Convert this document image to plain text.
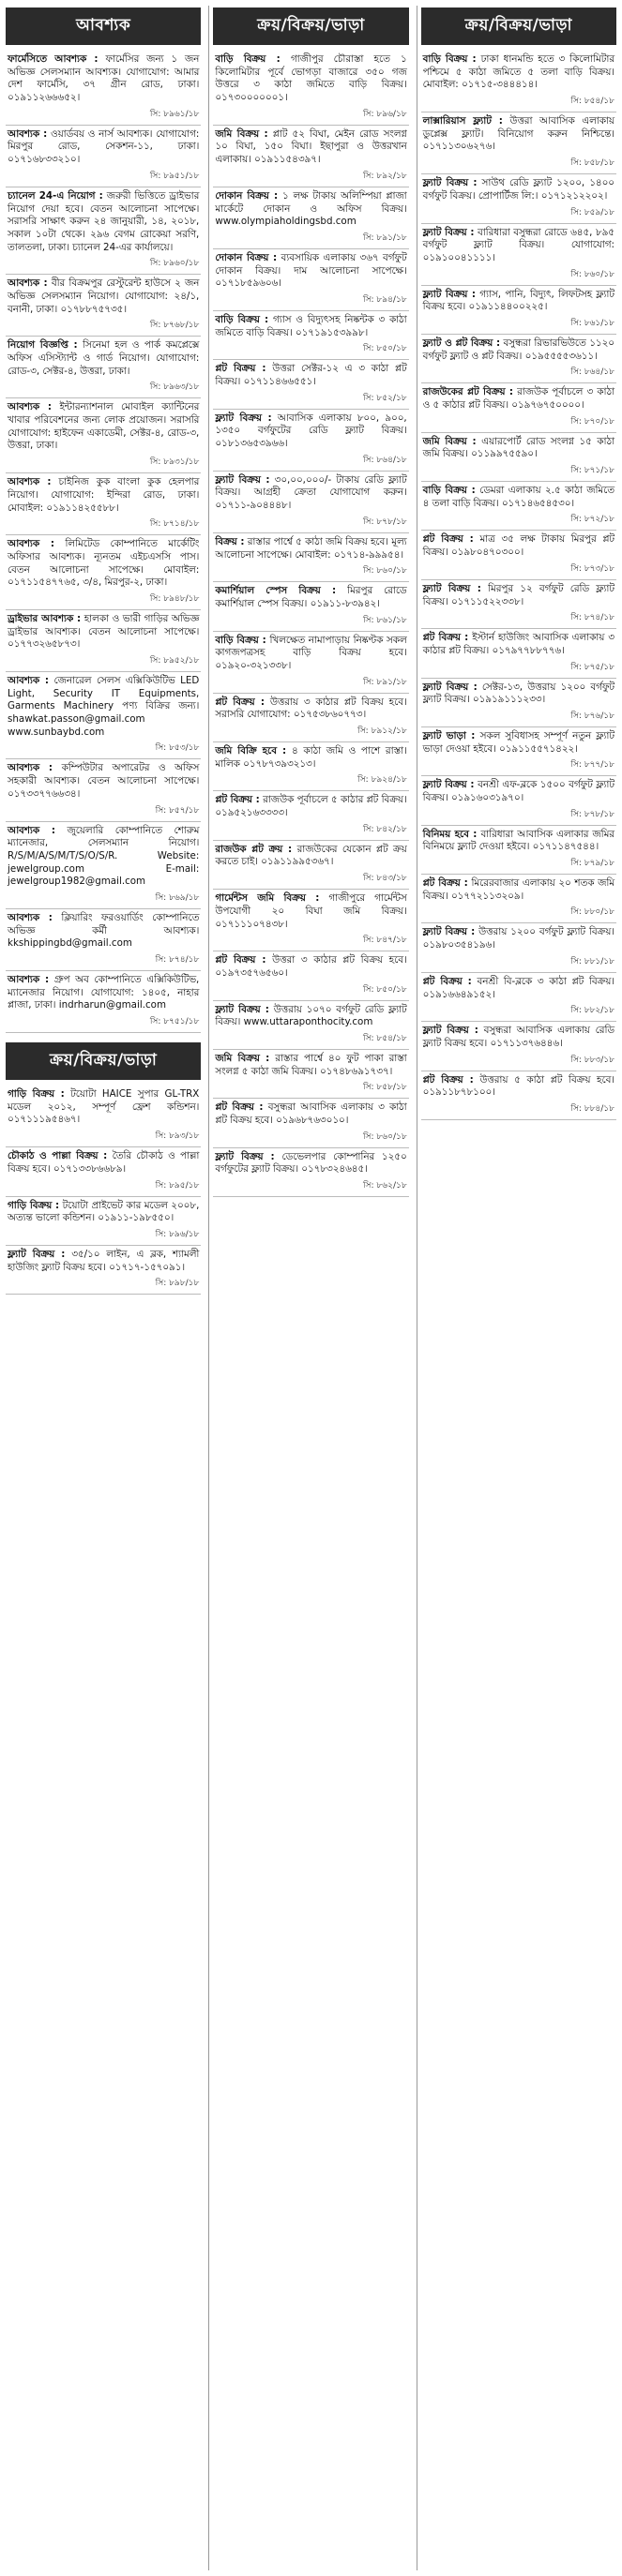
আবশ্যক
ফার্মেসিতে আবশ্যক : ফার্মেসির জন্য ১ জন অভিজ্ঞ সেলসম্যান আবশ্যক। যোগাযোগ: আমার দেশ ফার্মেসি, ৩৭ গ্রীন রোড, ঢাকা। ০১৯১১২৬৬৬৫২।
সি: ৮৯৬১/১৮
আবশ্যক : ওয়ার্ডবয় ও নার্স আবশ্যক। যোগাযোগ: মিরপুর রোড, সেকশন-১১, ঢাকা। ০১৭১৬৮৩৩২১০।
সি: ৮৯৫১/১৮
চ্যানেল 24-এ নিয়োগ : জরুরী ভিত্তিতে ড্রাইভার নিয়োগ দেয়া হবে। বেতন আলোচনা সাপেক্ষে। সরাসরি সাক্ষাৎ করুন ২৪ জানুয়ারী, ১৪, ২০১৮, সকাল ১০টা থেকে। ২৯৬ বেগম রোকেয়া সরণি, তালতলা, ঢাকা। চ্যানেল 24-এর কার্যালয়ে।
সি: ৮৯৬০/১৮
আবশ্যক : বীর বিক্রমপুর রেস্টুরেন্ট হাউসে ২ জন অভিজ্ঞ সেলসম্যান নিয়োগ। যোগাযোগ: ২৪/১, বনানী, ঢাকা। ০১৭৮৮৭৫৭৩৫।
সি: ৮৭৬৮/১৮
নিয়োগ বিজ্ঞপ্তি : সিনেমা হল ও পার্ক কমপ্লেক্সে অফিস এসিস্ট্যান্ট ও গার্ড নিয়োগ। যোগাযোগ: রোড-৩, সেক্টর-৪, উত্তরা, ঢাকা।
সি: ৮৯৬৩/১৮
আবশ্যক : ইন্টারন্যাশনাল মোবাইল ক্যান্টিনের খাবার পরিবেশনের জন্য লোক প্রয়োজন। সরাসরি যোগাযোগ: হাইফেন একাডেমী, সেক্টর-৪, রোড-৩, উত্তরা, ঢাকা।
সি: ৮৯৩১/১৮
আবশ্যক : চাইনিজ কুক বাংলা কুক হেলপার নিয়োগ। যোগাযোগ: ইন্দিরা রোড, ঢাকা। মোবাইল: ০১৯১১৪২৫৫৮৮।
সি: ৮৭১৪/১৮
আবশ্যক : লিমিটেড কোম্পানিতে মার্কেটিং অফিসার আবশ্যক। ন্যূনতম এইচএসসি পাস। বেতন আলোচনা সাপেক্ষে। মোবাইল: ০১৭১১৫৪৭৭৬৫, ৩/৪, মিরপুর-২, ঢাকা।
সি: ৮৯৪৮/১৮
ড্রাইভার আবশ্যক : হালকা ও ভারী গাড়ির অভিজ্ঞ ড্রাইভার আবশ্যক। বেতন আলোচনা সাপেক্ষে। ০১৭৭৩২৬৫৮৭৩।
সি: ৮৯৫২/১৮
আবশ্যক : জেনারেল সেলস এক্সিকিউটিভ LED Light, Security IT Equipments, Garments Machinery পণ্য বিক্রির জন্য। shawkat.passon@gmail.com www.sunbaybd.com
সি: ৮৫৩/১৮
আবশ্যক : কম্পিউটার অপারেটর ও অফিস সহকারী আবশ্যক। বেতন আলোচনা সাপেক্ষে। ০১৭৩৩৭৭৬৬৩৪।
সি: ৮৫৭/১৮
আবশ্যক : জুয়েলারি কোম্পানিতে শোরুম ম্যানেজার, সেলসম্যান নিয়োগ। R/S/M/A/S/M/T/S/O/S/R. Website: jewelgroup.com E-mail: jewelgroup1982@gmail.com
সি: ৮৬৯/১৮
আবশ্যক : ক্লিয়ারিং ফরওয়ার্ডিং কোম্পানিতে অভিজ্ঞ কর্মী আবশ্যক। kkshippingbd@gmail.com
সি: ৮৭৪/১৮
আবশ্যক : গ্রুপ অব কোম্পানিতে এক্সিকিউটিভ, ম্যানেজার নিয়োগ। যোগাযোগ: ১৪০৫, নাহার প্লাজা, ঢাকা। indrharun@gmail.com
সি: ৮৭৫১/১৮
ক্রয়/বিক্রয়/ভাড়া
গাড়ি বিক্রয় : টয়োটা HAICE সুপার GL-TRX মডেল ২০১২, সম্পূর্ণ ফ্রেশ কন্ডিশন। ০১৭১১১৯৫৪৬৭।
সি: ৮৯৩/১৮
চৌকাঠ ও পাল্লা বিক্রয় : তৈরি চৌকাঠ ও পাল্লা বিক্রয় হবে। ০১৭১৩৩৮৬৬৮৯।
সি: ৮৯৫/১৮
গাড়ি বিক্রয় : টয়োটা প্রাইভেট কার মডেল ২০০৮, অত্যন্ত ভালো কন্ডিশন। ০১৯১১-১৯৮৫৫০।
সি: ৮৯৬/১৮
ফ্ল্যাট বিক্রয় : ৩৫/১০ লাইন, এ ব্লক, শ্যামলী হাউজিং ফ্ল্যাট বিক্রয় হবে। ০১৭১৭-১৫৭০৯১।
সি: ৮৯৮/১৮
ক্রয়/বিক্রয়/ভাড়া
বাড়ি বিক্রয় : গাজীপুর চৌরাস্তা হতে ১ কিলোমিটার পূর্বে ভোগড়া বাজারে ৩৫০ গজ উত্তরে ৩ কাঠা জমিতে বাড়ি বিক্রয়। ০১৭৩০০০০০০১।
সি: ৮৯৬/১৮
জমি বিক্রয় : প্লাট ৫২ বিঘা, মেইন রোড সংলগ্ন ১০ বিঘা, ১৫০ বিঘা। ইছাপুরা ও উত্তরখান এলাকায়। ০১৯১১৫৪৩৯৭।
সি: ৮৯২/১৮
দোকান বিক্রয় : ১ লক্ষ টাকায় অলিম্পিয়া প্লাজা মার্কেটে দোকান ও অফিস বিক্রয়। www.olympiaholdingsbd.com
সি: ৮৯১/১৮
দোকান বিক্রয় : ব্যবসায়িক এলাকায় ৩৬৭ বর্গফুট দোকান বিক্রয়। দাম আলোচনা সাপেক্ষে। ০১৭১৮৫৯৬০৬।
সি: ৮৯৪/১৮
বাড়ি বিক্রয় : গ্যাস ও বিদ্যুৎসহ নিষ্কন্টক ৩ কাঠা জমিতে বাড়ি বিক্রয়। ০১৭১৯১৫৩৯৯৮।
সি: ৮৫০/১৮
প্লট বিক্রয় : উত্তরা সেক্টর-১২ এ ৩ কাঠা প্লট বিক্রয়। ০১৭১১৪৬৬৫৫১।
সি: ৮৫২/১৮
ফ্ল্যাট বিক্রয় : আবাসিক এলাকায় ৮০০, ৯০০, ১৩৫০ বর্গফুটের রেডি ফ্ল্যাট বিক্রয়। ০১৮১৩৬৫৩৯৬৬।
সি: ৮৬৪/১৮
ফ্ল্যাট বিক্রয় : ৩০,০০,০০০/- টাকায় রেডি ফ্ল্যাট বিক্রয়। আগ্রহী ক্রেতা যোগাযোগ করুন। ০১৭১১-৯০৪৪৪৮।
সি: ৮৭৮/১৮
বিক্রয় : রাস্তার পার্শ্বে ৫ কাঠা জমি বিক্রয় হবে। মূল্য আলোচনা সাপেক্ষে। মোবাইল: ০১৭১৪-৯৯৯৫৪।
সি: ৮৬০/১৮
কমার্শিয়াল স্পেস বিক্রয় : মিরপুর রোডে কমার্শিয়াল স্পেস বিক্রয়। ০১৯১১-৮৩৯৪২।
সি: ৮৬১/১৮
বাড়ি বিক্রয় : খিলক্ষেত নামাপাড়ায় নিষ্কণ্টক সকল কাগজপত্রসহ বাড়ি বিক্রয় হবে। ০১৯২০-৩২১৩৩৮।
সি: ৮৯১/১৮
প্লট বিক্রয় : উত্তরায় ৩ কাঠার প্লট বিক্রয় হবে। সরাসরি যোগাযোগ: ০১৭৫৩৮৬০৭৭৩।
সি: ৮৯১২/১৮
জমি বিক্রি হবে : ৪ কাঠা জমি ও পাশে রাস্তা। মালিক ০১৭৮৭৩৯৩২১৩।
সি: ৮৯২৪/১৮
প্লট বিক্রয় : রাজউক পূর্বাচলে ৫ কাঠার প্লট বিক্রয়। ০১৯৫২১৬৩৩৩৩।
সি: ৮৪২/১৮
রাজউক প্লট ক্রয় : রাজউকের যেকোন প্লট ক্রয় করতে চাই। ০১৯১১৯৯৫৩৬৭।
সি: ৮৪৩/১৮
গার্মেন্টস জমি বিক্রয় : গাজীপুরে গার্মেন্টস উপযোগী ২০ বিঘা জমি বিক্রয়। ০১৭১১১০৭৪৩৮।
সি: ৮৪৭/১৮
প্লট বিক্রয় : উত্তরা ৩ কাঠার প্লট বিক্রয় হবে। ০১৯৭৩৫৭৬৫৬০।
সি: ৮৫০/১৮
ফ্ল্যাট বিক্রয় : উত্তরায় ১০৭০ বর্গফুট রেডি ফ্ল্যাট বিক্রয়। www.uttaraponthocity.com
সি: ৮৫৪/১৮
জমি বিক্রয় : রাস্তার পার্শ্বে ৪০ ফুট পাকা রাস্তা সংলগ্ন ৫ কাঠা জমি বিক্রয়। ০১৭৪৮৬৯১৭৩৭।
সি: ৮৫৮/১৮
প্লট বিক্রয় : বসুন্ধরা আবাসিক এলাকায় ৩ কাঠা প্লট বিক্রয় হবে। ০১৯৬৮৭৬৩০১০।
সি: ৮৬০/১৮
ফ্ল্যাট বিক্রয় : ডেভেলপার কোম্পানির ১২৫০ বর্গফুটের ফ্ল্যাট বিক্রয়। ০১৭৮৩২৪৬৪৫।
সি: ৮৬২/১৮
ক্রয়/বিক্রয়/ভাড়া
বাড়ি বিক্রয় : ঢাকা ধানমন্ডি হতে ৩ কিলোমিটার পশ্চিমে ৫ কাঠা জমিতে ৫ তলা বাড়ি বিক্রয়। মোবাইল: ০১৭১৫-৩৪৪৪১৪।
সি: ৮৫৪/১৮
লাক্সারিয়াস ফ্ল্যাট : উত্তরা আবাসিক এলাকায় ডুপ্লেক্স ফ্ল্যাট। বিনিয়োগ করুন নিশ্চিন্তে। ০১৭১১৩০৬২৭৬।
সি: ৮৫৮/১৮
ফ্ল্যাট বিক্রয় : সাউথ রেডি ফ্ল্যাট ১২০০, ১৪০০ বর্গফুট বিক্রয়। প্রোপার্টিজ লি:। ০১৭১২১২২০২।
সি: ৮৫৯/১৮
ফ্ল্যাট বিক্রয় : বারিধারা বসুন্ধরা রোডে ৬৪৫, ৮৯৫ বর্গফুট ফ্ল্যাট বিক্রয়। যোগাযোগ: ০১৯১০০৪১১১১।
সি: ৮৬০/১৮
ফ্ল্যাট বিক্রয় : গ্যাস, পানি, বিদ্যুৎ, লিফটসহ ফ্ল্যাট বিক্রয় হবে। ০১৯১১৪৪০০২২৫।
সি: ৮৬১/১৮
ফ্ল্যাট ও প্লট বিক্রয় : বসুন্ধরা রিভারভিউতে ১১২০ বর্গফুট ফ্ল্যাট ও প্লট বিক্রয়। ০১৯৫৫৫৫৩৬১১।
সি: ৮৬৪/১৮
রাজউকের প্লট বিক্রয় : রাজউক পূর্বাচলে ৩ কাঠা ও ৫ কাঠার প্লট বিক্রয়। ০১৯৭৬৭৫০০০০।
সি: ৮৭০/১৮
জমি বিক্রয় : এয়ারপোর্ট রোড সংলগ্ন ১৫ কাঠা জমি বিক্রয়। ০১১৯৯৭৫৫৯০।
সি: ৮৭১/১৮
বাড়ি বিক্রয় : ডেমরা এলাকায় ২.৫ কাঠা জমিতে ৪ তলা বাড়ি বিক্রয়। ০১৭১৪৬৫৪৫৩০।
সি: ৮৭২/১৮
প্লট বিক্রয় : মাত্র ৩৫ লক্ষ টাকায় মিরপুর প্লট বিক্রয়। ০১৯৮০৪৭০৩০০।
সি: ৮৭৩/১৮
ফ্ল্যাট বিক্রয় : মিরপুর ১২ বর্গফুট রেডি ফ্ল্যাট বিক্রয়। ০১৭১১৫২২৩৩৮।
সি: ৮৭৪/১৮
প্লট বিক্রয় : ইস্টার্ন হাউজিং আবাসিক এলাকায় ৩ কাঠার প্লট বিক্রয়। ০১৭৯৭৭৮৮৭৭৬।
সি: ৮৭৫/১৮
ফ্ল্যাট বিক্রয় : সেক্টর-১৩, উত্তরায় ১২০০ বর্গফুট ফ্ল্যাট বিক্রয়। ০১৯১৯১১১২৩৩।
সি: ৮৭৬/১৮
ফ্ল্যাট ভাড়া : সকল সুবিধাসহ সম্পূর্ণ নতুন ফ্ল্যাট ভাড়া দেওয়া হইবে। ০১৯১১৫৫৭১৪২২।
সি: ৮৭৭/১৮
ফ্ল্যাট বিক্রয় : বনশ্রী এফ-ব্লকে ১৫০০ বর্গফুট ফ্ল্যাট বিক্রয়। ০১৯১৬০৩১৯৭০।
সি: ৮৭৮/১৮
বিনিময় হবে : বারিধারা আবাসিক এলাকার জমির বিনিময়ে ফ্ল্যাট দেওয়া হইবে। ০১৭১১৪৭৫৪৪।
সি: ৮৭৯/১৮
প্লট বিক্রয় : মিরেরবাজার এলাকায় ২০ শতক জমি বিক্রয়। ০১৭৭২১১৩২০৯।
সি: ৮৮০/১৮
ফ্ল্যাট বিক্রয় : উত্তরায় ১২০০ বর্গফুট ফ্ল্যাট বিক্রয়। ০১৯৮০৩৫৪১৯৬।
সি: ৮৮১/১৮
প্লট বিক্রয় : বনশ্রী বি-ব্লকে ৩ কাঠা প্লট বিক্রয়। ০১৯১৬৬৪৯১৫২।
সি: ৮৮২/১৮
ফ্ল্যাট বিক্রয় : বসুন্ধরা আবাসিক এলাকায় রেডি ফ্ল্যাট বিক্রয় হবে। ০১৭১১৩৭৬৪৪৬।
সি: ৮৮৩/১৮
প্লট বিক্রয় : উত্তরায় ৫ কাঠা প্লট বিক্রয় হবে। ০১৯১১৮৭৮১০০।
সি: ৮৮৪/১৮
